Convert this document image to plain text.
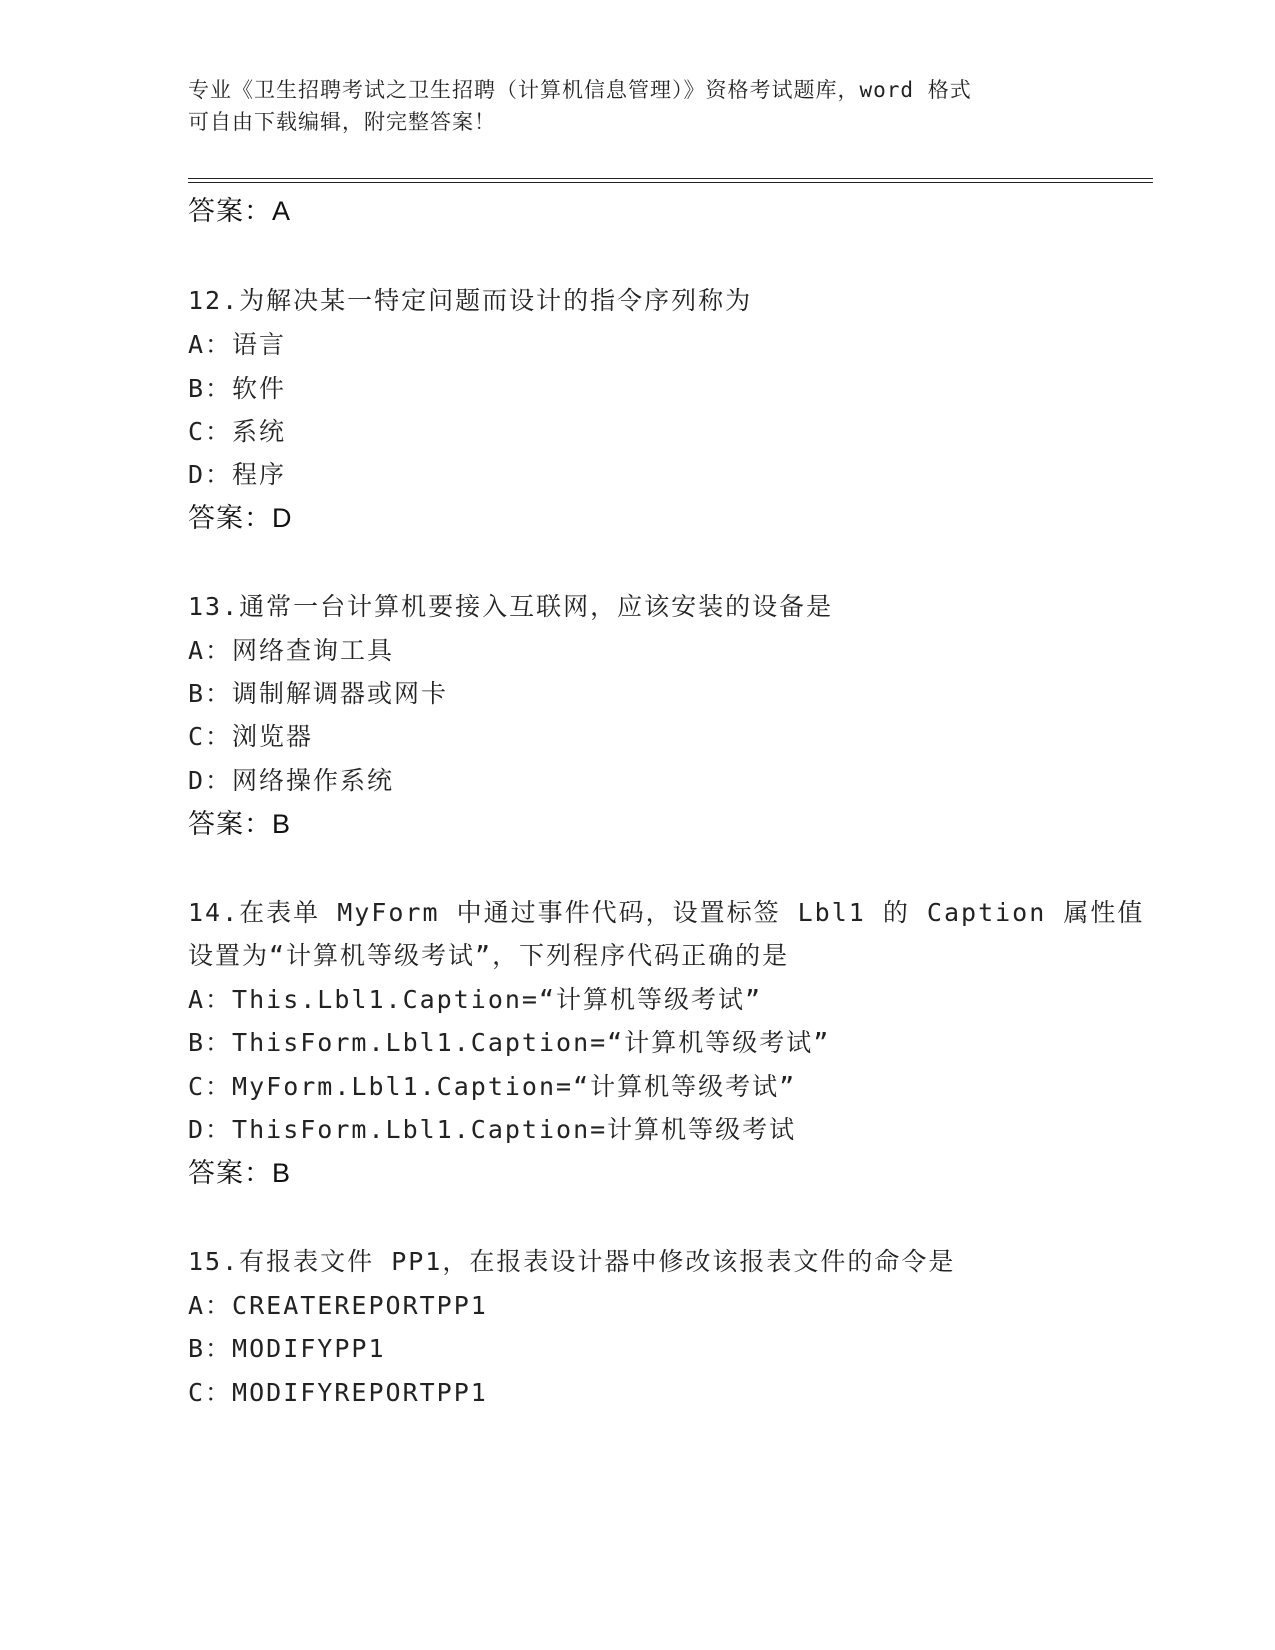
专业《卫生招聘考试之卫生招聘（计算机信息管理）》资格考试题库，word 格式
可自由下载编辑，附完整答案！
答案：A
12.为解决某一特定问题而设计的指令序列称为
A：语言
B：软件
C：系统
D：程序
答案：D
13.通常一台计算机要接入互联网，应该安装的设备是
A：网络查询工具
B：调制解调器或网卡
C：浏览器
D：网络操作系统
答案：B
14.在表单 MyForm 中通过事件代码，设置标签 Lbl1 的 Caption 属性值
设置为“计算机等级考试”，下列程序代码正确的是
A：This.Lbl1.Caption=“计算机等级考试”
B：ThisForm.Lbl1.Caption=“计算机等级考试”
C：MyForm.Lbl1.Caption=“计算机等级考试”
D：ThisForm.Lbl1.Caption=计算机等级考试
答案：B
15.有报表文件 PP1，在报表设计器中修改该报表文件的命令是
A：CREATEREPORTPP1
B：MODIFYPP1
C：MODIFYREPORTPP1
